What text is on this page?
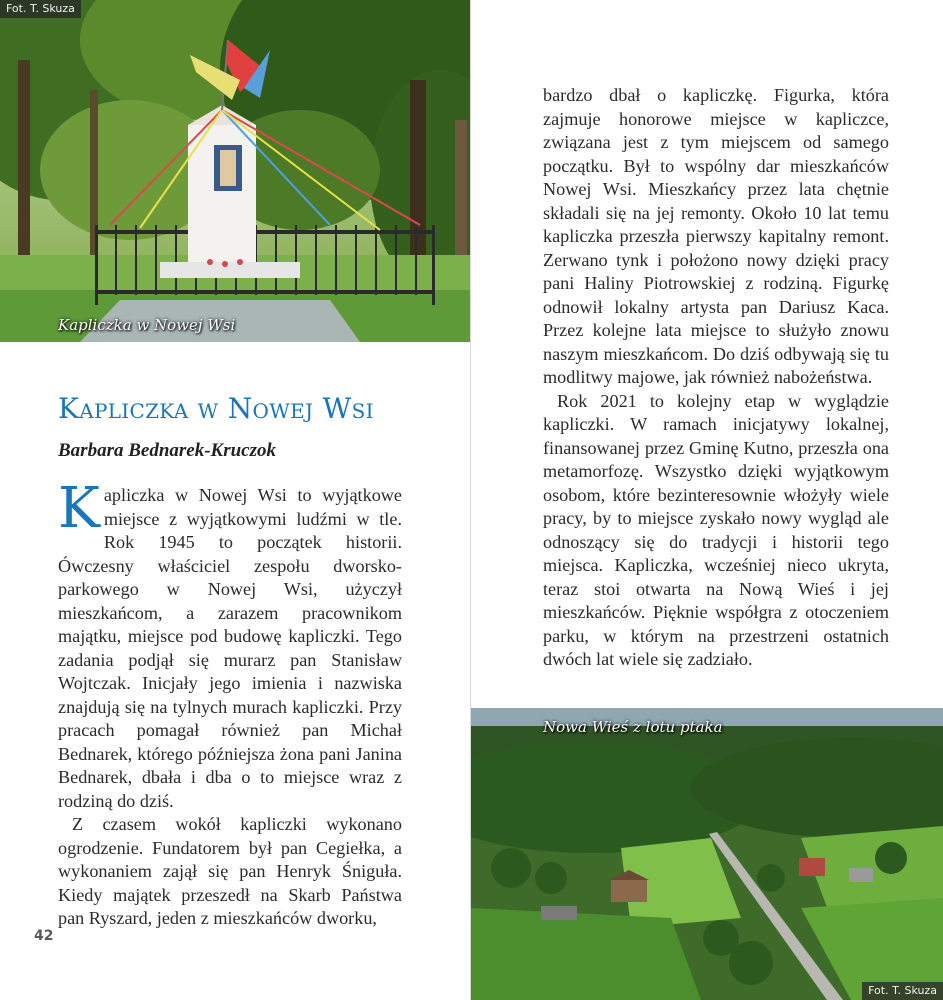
Fot. T. Skuza
Kapliczka w Nowej Wsi
Kapliczka w Nowej Wsi
Barbara Bednarek-Kruczok

Kapliczka w Nowej Wsi to wyjątkowe miejsce z wyjątkowymi ludźmi w tle. Rok 1945 to początek historii. Ówczesny właściciel zespołu dworsko-parkowego w Nowej Wsi, użyczył mieszkańcom, a zarazem pracownikom majątku, miejsce pod budowę kapliczki. Tego zadania podjął się murarz pan Stanisław Wojtczak. Inicjały jego imienia i nazwiska znajdują się na tylnych murach kapliczki. Przy pracach pomagał również pan Michał Bednarek, którego późniejsza żona pani Janina Bednarek, dbała i dba o to miejsce wraz z rodziną do dziś.

Z czasem wokół kapliczki wykonano ogrodzenie. Fundatorem był pan Cegiełka, a wykonaniem zajął się pan Henryk Śniguła. Kiedy majątek przeszedł na Skarb Państwa pan Ryszard, jeden z mieszkańców dworku,

42

bardzo dbał o kapliczkę. Figurka, która zajmuje honorowe miejsce w kapliczce, związana jest z tym miejscem od samego początku. Był to wspólny dar mieszkańców Nowej Wsi. Mieszkańcy przez lata chętnie składali się na jej remonty. Około 10 lat temu kapliczka przeszła pierwszy kapitalny remont. Zerwano tynk i położono nowy dzięki pracy pani Haliny Piotrowskiej z rodziną. Figurkę odnowił lokalny artysta pan Dariusz Kaca. Przez kolejne lata miejsce to służyło znowu naszym mieszkańcom. Do dziś odbywają się tu modlitwy majowe, jak również nabożeństwa.

Rok 2021 to kolejny etap w wyglądzie kapliczki. W ramach inicjatywy lokalnej, finansowanej przez Gminę Kutno, przeszła ona metamorfozę. Wszystko dzięki wyjątkowym osobom, które bezinteresownie włożyły wiele pracy, by to miejsce zyskało nowy wygląd ale odnoszący się do tradycji i historii tego miejsca. Kapliczka, wcześniej nieco ukryta, teraz stoi otwarta na Nową Wieś i jej mieszkańców. Pięknie współgra z otoczeniem parku, w którym na przestrzeni ostatnich dwóch lat wiele się zadziało.

Nowa Wieś z lotu ptaka
Fot. T. Skuza
